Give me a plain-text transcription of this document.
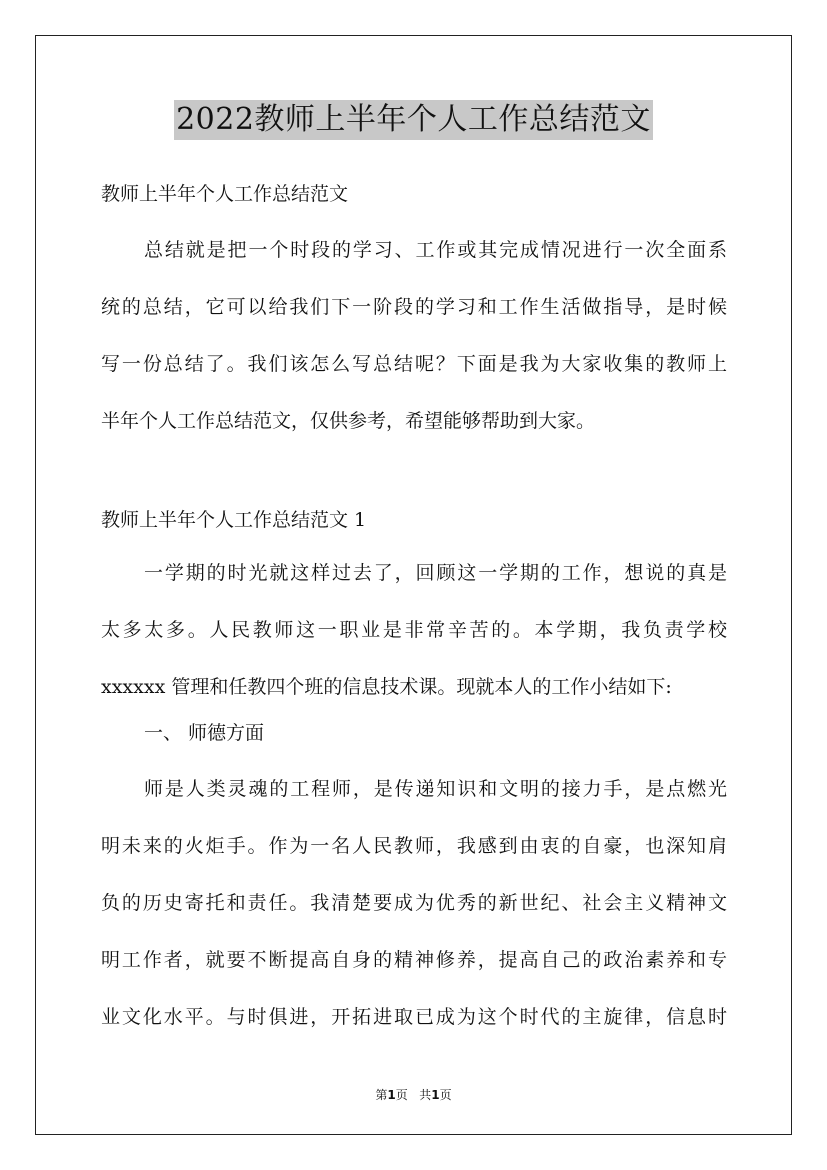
2022教师上半年个人工作总结范文
教师上半年个人工作总结范文
总结就是把一个时段的学习、工作或其完成情况进行一次全面系
统的总结，它可以给我们下一阶段的学习和工作生活做指导，是时候
写一份总结了。我们该怎么写总结呢？下面是我为大家收集的教师上
半年个人工作总结范文，仅供参考，希望能够帮助到大家。
教师上半年个人工作总结范文 1
一学期的时光就这样过去了，回顾这一学期的工作，想说的真是
太多太多。人民教师这一职业是非常辛苦的。本学期，我负责学校
xxxxxx 管理和任教四个班的信息技术课。现就本人的工作小结如下:
一、 师德方面
师是人类灵魂的工程师，是传递知识和文明的接力手，是点燃光
明未来的火炬手。作为一名人民教师，我感到由衷的自豪，也深知肩
负的历史寄托和责任。我清楚要成为优秀的新世纪、社会主义精神文
明工作者，就要不断提高自身的精神修养，提高自己的政治素养和专
业文化水平。与时俱进，开拓进取已成为这个时代的主旋律，信息时
第1页   共1页
